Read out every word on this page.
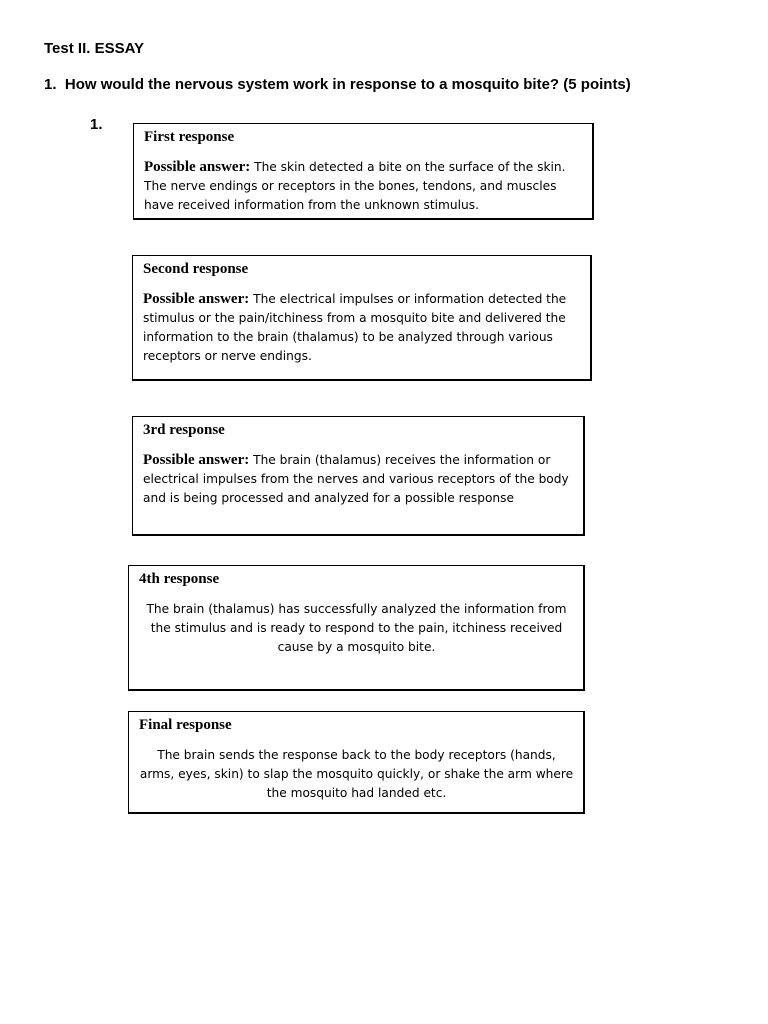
Test II. ESSAY
1. How would the nervous system work in response to a mosquito bite? (5 points)
1.

First response

Possible answer: The skin detected a bite on the surface of the skin. The nerve endings or receptors in the bones, tendons, and muscles have received information from the unknown stimulus.

Second response

Possible answer: The electrical impulses or information detected the stimulus or the pain/itchiness from a mosquito bite and delivered the information to the brain (thalamus) to be analyzed through various receptors or nerve endings.

3rd response

Possible answer: The brain (thalamus) receives the information or electrical impulses from the nerves and various receptors of the body and is being processed and analyzed for a possible response

4th response

The brain (thalamus) has successfully analyzed the information from the stimulus and is ready to respond to the pain, itchiness received cause by a mosquito bite.

Final response

The brain sends the response back to the body receptors (hands, arms, eyes, skin) to slap the mosquito quickly, or shake the arm where the mosquito had landed etc.
